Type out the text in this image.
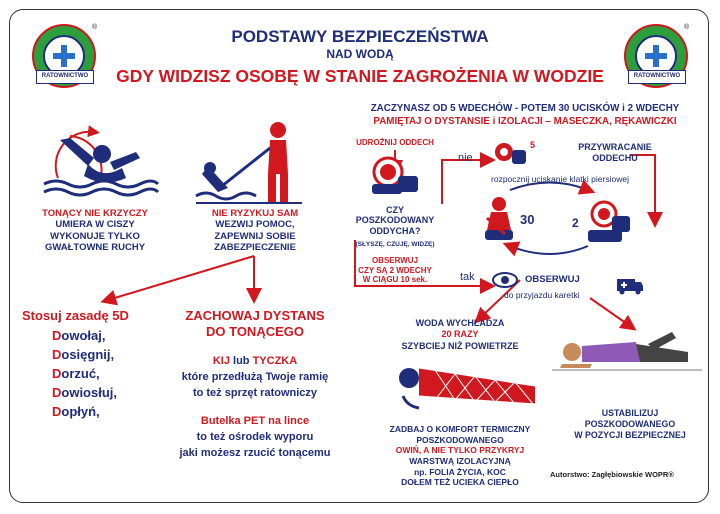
RATOWNICTWO
®
RATOWNICTWO
®
PODSTAWY BEZPIECZEŃSTWA
NAD WODĄ
GDY WIDZISZ OSOBĘ W STANIE ZAGROŻENIA W WODZIE
TONĄCY NIE KRZYCZY
UMIERA W CISZY
WYKONUJE TYLKO
GWAŁTOWNE RUCHY
NIE RYZYKUJ SAM
WEZWIJ POMOC,
ZAPEWNIJ SOBIE
ZABEZPIECZENIE
Stosuj zasadę 5D
Dowołaj,
Dosięgnij,
Dorzuć,
Dowiosłuj,
Dopłyń,
ZACHOWAJ DYSTANS
DO TONĄCEGO
KIJ lub TYCZKA
które przedłużą Twoje ramię
to też sprzęt ratowniczy
Butelka PET na lince
to też ośrodek wyporu
jaki możesz rzucić tonącemu
ZACZYNASZ OD 5 WDECHÓW - POTEM 30 UCISKÓW i 2 WDECHY
PAMIĘTAJ O DYSTANSIE i IZOLACJI – MASECZKA, RĘKAWICZKI
UDROŻNIJ ODDECH
CZY
POSZKODOWANY
ODDYCHA?
(SŁYSZĘ, CZUJĘ, WIDZĘ)
OBSERWUJ
CZY SĄ 2 WDECHY
W CIĄGU 10 sek.
nie
5	PRZYWRACANIE
ODDECHU
rozpocznij uciskanie klatki piersiowej
30	2
tak	OBSERWUJ
do przyjazdu karetki
WODA WYCHŁADZA
20 RAZY
SZYBCIEJ NIŻ POWIETRZE
ZADBAJ O KOMFORT TERMICZNY
POSZKODOWANEGO
OWIŃ, A NIE TYLKO PRZYKRYJ
WARSTWĄ IZOLACYJNĄ
np. FOLIA ŻYCIA, KOC
DOŁEM TEŻ UCIEKA CIEPŁO
USTABILIZUJ
POSZKODOWANEGO
W POZYCJI BEZPIECZNEJ
Autorstwo: Zagłębiowskie WOPR®
